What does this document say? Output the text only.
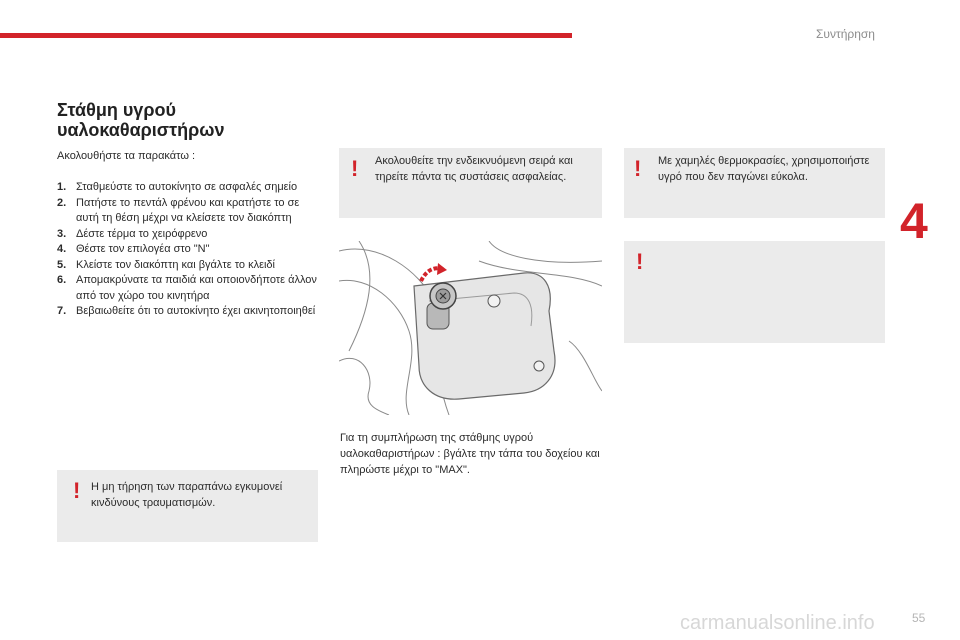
Συντήρηση
4
Στάθμη υγρού
υαλοκαθαριστήρων
Ακολουθήστε τα παρακάτω :
1. Σταθμεύστε το αυτοκίνητο σε ασφαλές σημείο
2. Πατήστε το πεντάλ φρένου και κρατήστε το σε αυτή τη θέση μέχρι να κλείσετε τον διακόπτη
3. Δέστε τέρμα το χειρόφρενο
4. Θέστε τον επιλογέα στο "N"
5. Κλείστε τον διακόπτη και βγάλτε το κλειδί
6. Απομακρύνατε τα παιδιά και οποιονδήποτε άλλον από τον χώρο του κινητήρα
7. Βεβαιωθείτε ότι το αυτοκίνητο έχει ακινητοποιηθεί
! Η μη τήρηση των παραπάνω εγκυμονεί κινδύνους τραυματισμών.
! Ακολουθείτε την ενδεικνυόμενη σειρά και τηρείτε πάντα τις συστάσεις ασφαλείας.	! Με χαμηλές θερμοκρασίες, χρησιμοποιήστε υγρό που δεν παγώνει εύκολα.
!
Για τη συμπλήρωση της στάθμης υγρού υαλοκαθαριστήρων : βγάλτε την τάπα του δοχείου και πληρώστε μέχρι το "MAX".
carmanualsonline.info	55
